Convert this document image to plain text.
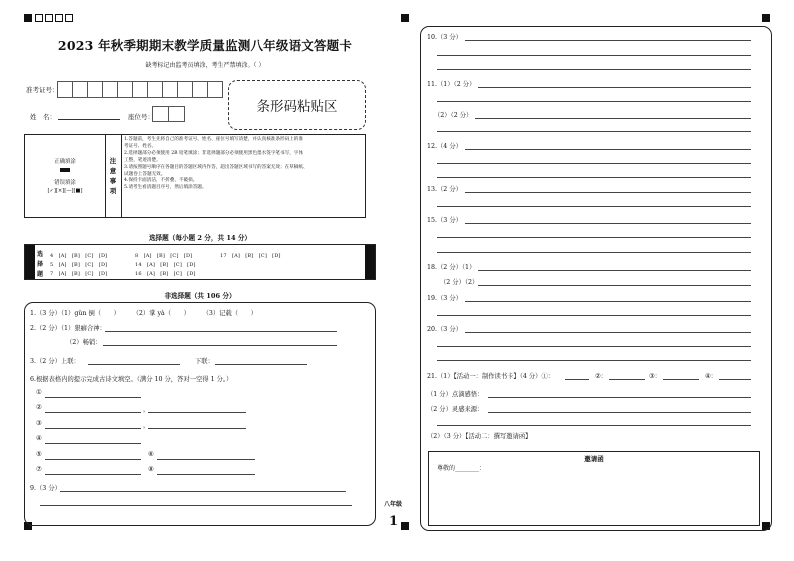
2023 年秋季期期末教学质量监测八年级语文答题卡
缺考标记由监考员填涂，考生严禁填涂。（ ）
准考证号：
姓　名：	座位号：
条形码粘贴区
正确填涂
错误填涂
[✓][×][—][■]
注
意
事
项
1.答题前，考生先将自己的准考证号、姓名、座位号填写清楚，并认真核准条形码上的准
考证号、姓名。
2.选择题部分必须使用 2B 铅笔填涂；非选择题部分必须使用黑色墨水签字笔书写，字体
工整，笔迹清楚。
3.请按照题号顺序在各题目的答题区域内作答，超出答题区域书写的答案无效；在草稿纸、
试题卷上答题无效。
4.保持卡面清洁，不折叠、不破损。
5.请考生看清题目序号，然后填涂答题。
选择题（每小题 2 分，共 14 分）
选
择
题
4　[A]　[B]　[C]　[D]
5　[A]　[B]　[C]　[D]
7　[A]　[B]　[C]　[D]
8　[A]　[B]　[C]　[D]
14　[A]　[B]　[C]　[D]
16　[A]　[B]　[C]　[D]
17　[A]　[B]　[C]　[D]
非选择题（共 106 分）
1.（3 分）（1）gǔn 倒（　　）　　　（2）掌 yà（　　）　　　（3）记载（　　）
2.（2 分）（1）狠癖合神：
（2）畅销：
3.（2 分）上联：	下联：
6.根据表格内的提示完成古诗文填空。（满分 10 分，答对一空得 1 分。）
①
②	，
③	，
④
⑤	⑥
⑦	⑧
9.（3 分）
八年级
1
10.（3 分）
11.（1）（2 分）
（2）（2 分）
12.（4 分）
13.（2 分）
15.（3 分）
18.（2 分）（1）
（2 分）（2）
19.（3 分）
20.（3 分）
21.（1）【活动一：制作读书卡】（4 分）①：	②：	③：	④：
（1 分）点滴感悟：
（2 分）灵感来源：
（2）（3 分）【活动二：撰写邀请函】
邀请函
尊敬的________：
